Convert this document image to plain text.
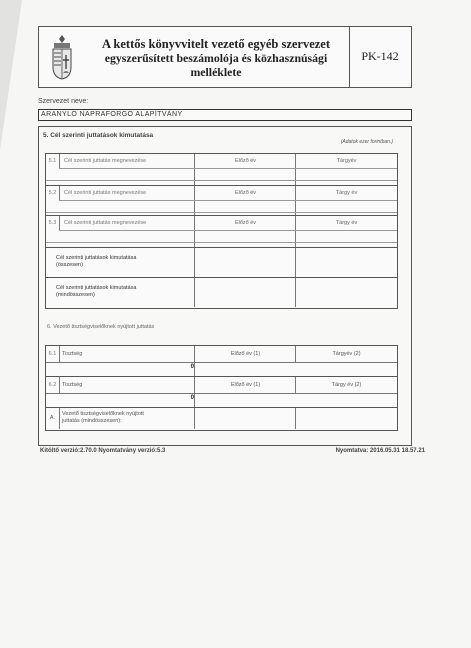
A kettős könyvvitelt vezető egyéb szervezet
egyszerűsített beszámolója és közhasznúsági melléklete
PK-142
Szervezet neve:
ARANYLÓ NAPRAFORGÓ ALAPÍTVÁNY
5. Cél szerinti juttatások kimutatása
(Adatok ezer forintban.)
5.1	Cél szerinti juttatás megnevezése	Előző év	Tárgyév
5.2	Cél szerinti juttatás megnevezése	Előző év	Tárgy év
5.3	Cél szerinti juttatás megnevezése	Előző év	Tárgy év
Cél szerinti juttatások kimutatása
(összesen)
Cél szerinti juttatások kimutatása
(mindösszesen)
6. Vezető tisztségviselőknek nyújtott juttatás
6.1	Tisztség	Előző év (1)	Tárgyév (2)
0
6.2	Tisztség	Előző év (1)	Tárgy év (2)
0
A.
Vezető tisztségviselőknek nyújtott
juttatás (mindösszesen):
Kitöltő verzió:2.70.0 Nyomtatvány verzió:5.3	Nyomtatva: 2016.05.31 18.57.21
